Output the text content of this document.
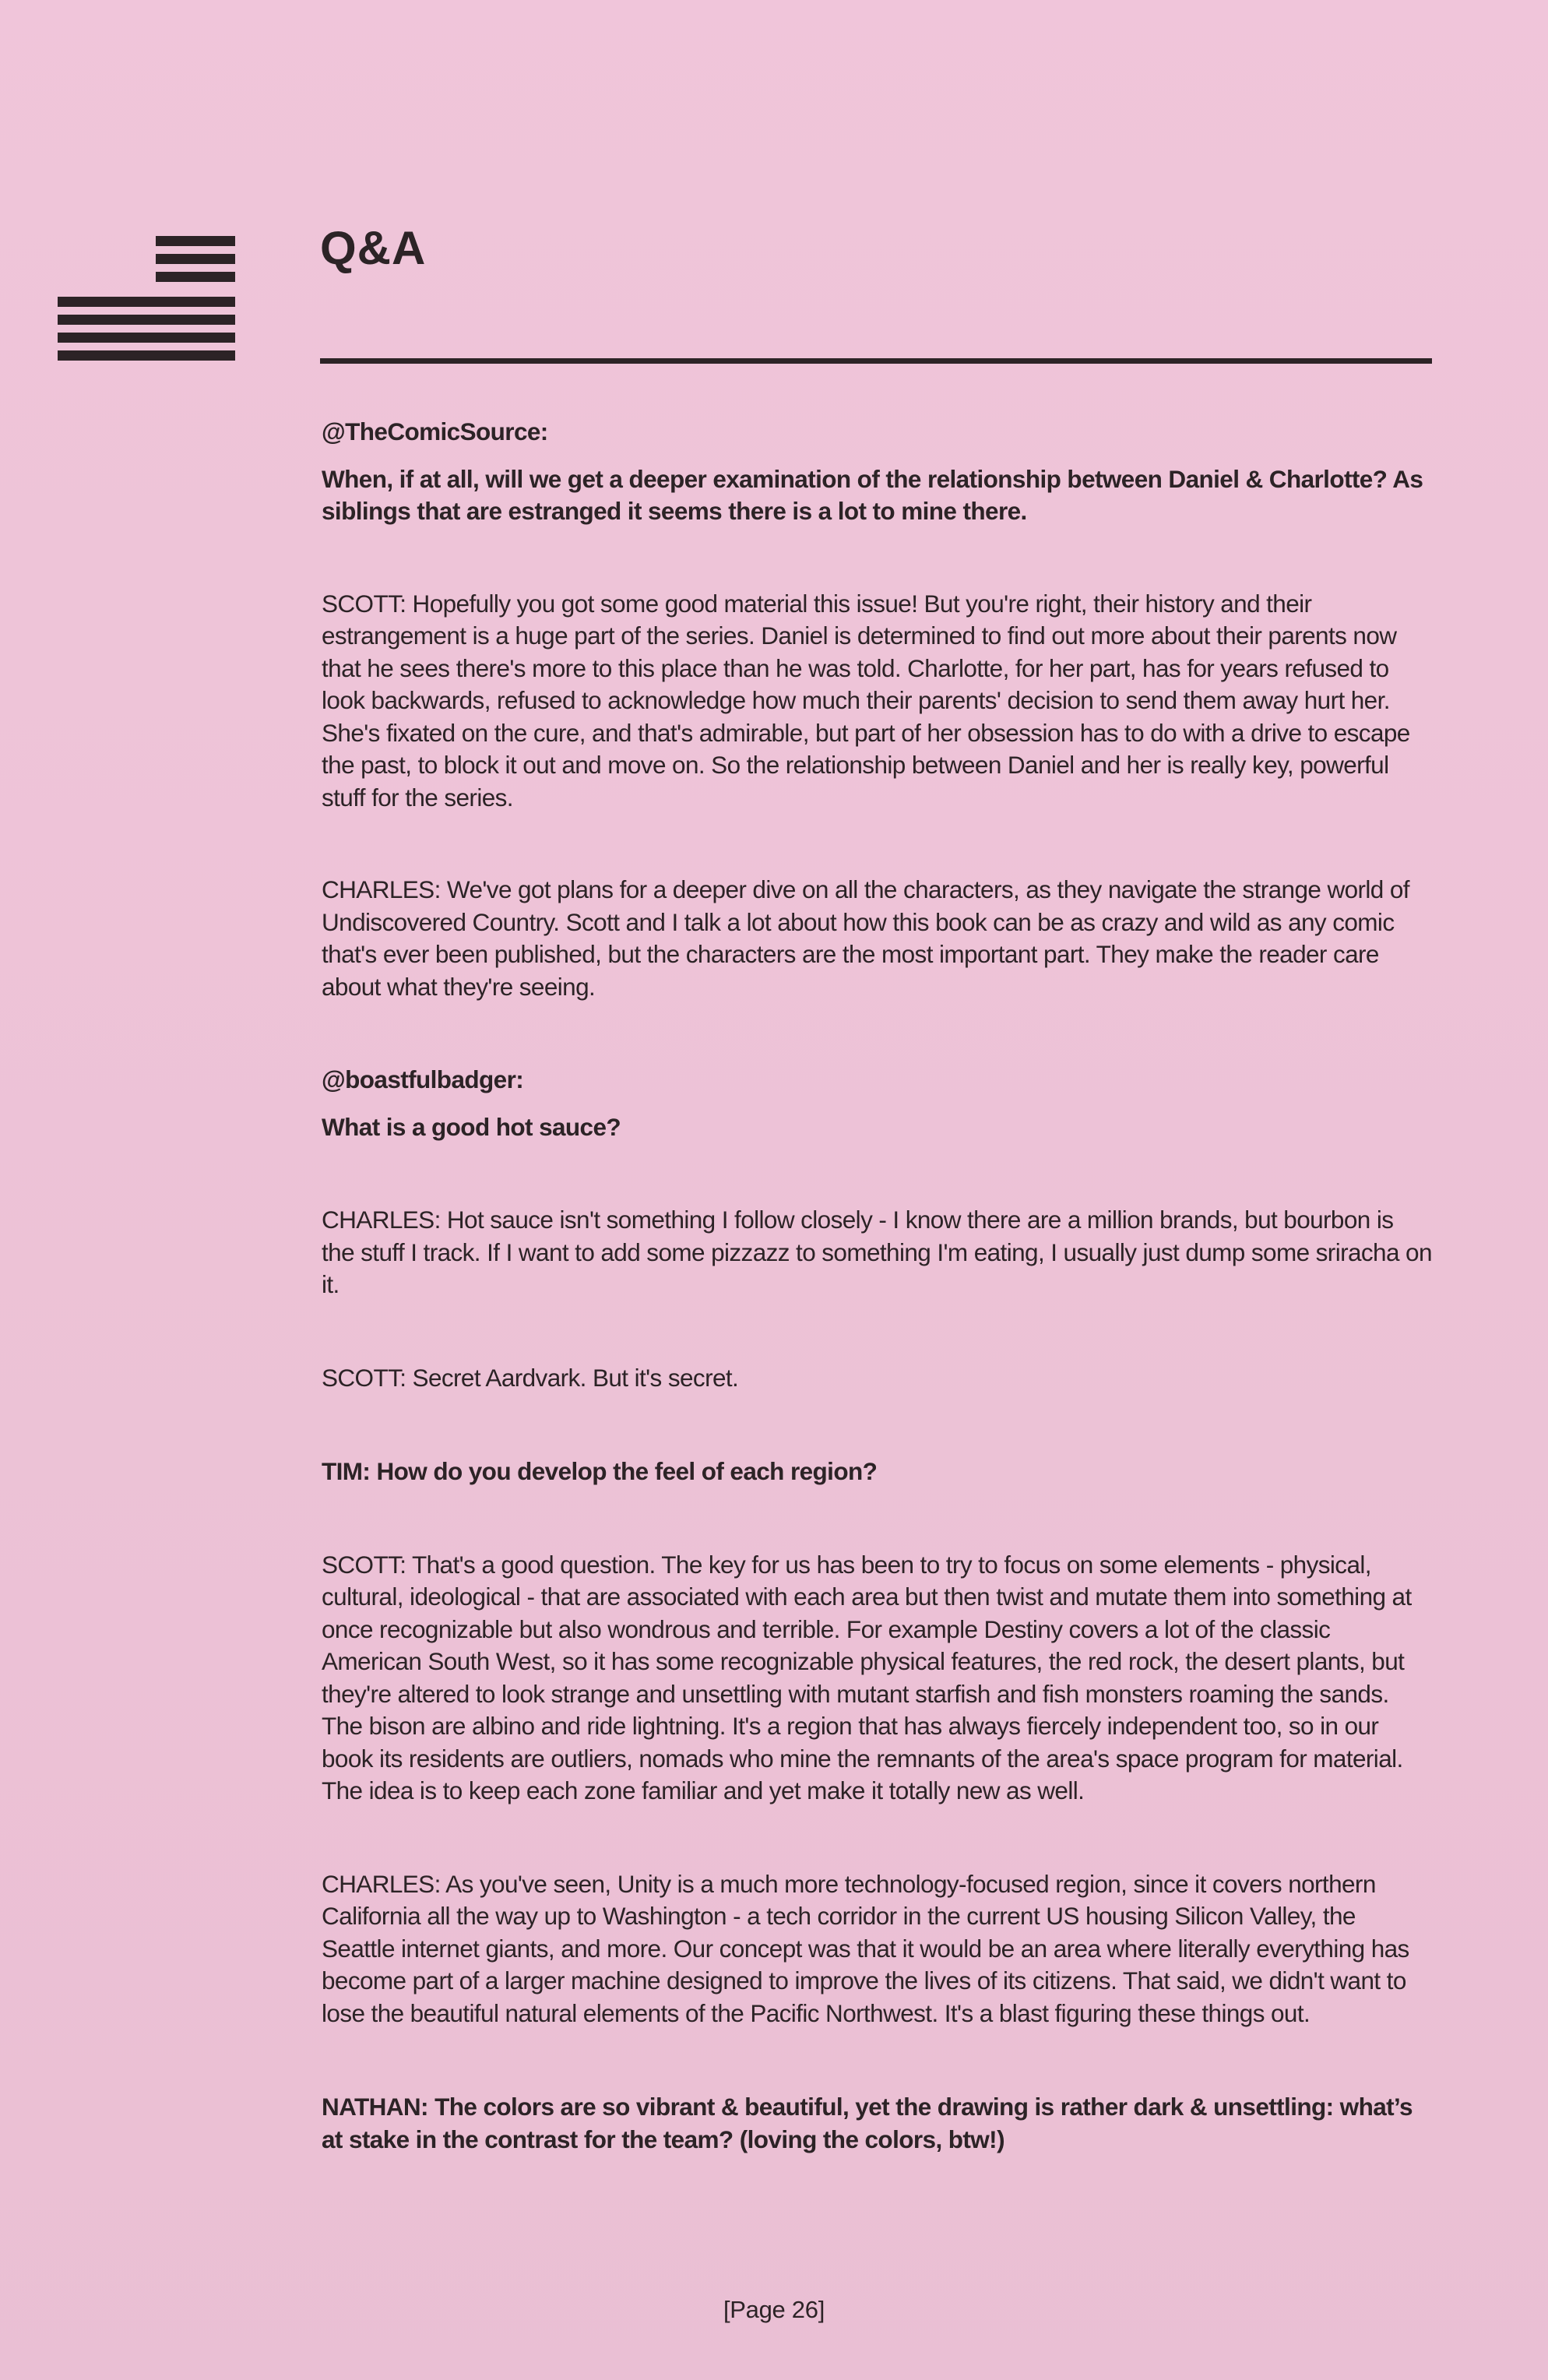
Q&A

@TheComicSource:

When, if at all, will we get a deeper examination of the relationship between Daniel & Charlotte? As siblings that are estranged it seems there is a lot to mine there.

SCOTT: Hopefully you got some good material this issue! But you're right, their history and their estrangement is a huge part of the series. Daniel is determined to find out more about their parents now that he sees there's more to this place than he was told. Charlotte, for her part, has for years refused to look backwards, refused to acknowledge how much their parents' decision to send them away hurt her. She's fixated on the cure, and that's admirable, but part of her obsession has to do with a drive to escape the past, to block it out and move on. So the relationship between Daniel and her is really key, powerful stuff for the series.

CHARLES: We've got plans for a deeper dive on all the characters, as they navigate the strange world of Undiscovered Country. Scott and I talk a lot about how this book can be as crazy and wild as any comic that's ever been published, but the characters are the most important part. They make the reader care about what they're seeing.

@boastfulbadger:

What is a good hot sauce?

CHARLES: Hot sauce isn't something I follow closely - I know there are a million brands, but bourbon is the stuff I track. If I want to add some pizzazz to something I'm eating, I usually just dump some sriracha on it.

SCOTT: Secret Aardvark. But it's secret.

TIM: How do you develop the feel of each region?

SCOTT: That's a good question. The key for us has been to try to focus on some elements - physical, cultural, ideological - that are associated with each area but then twist and mutate them into something at once recognizable but also wondrous and terrible. For example Destiny covers a lot of the classic American South West, so it has some recognizable physical features, the red rock, the desert plants, but they're altered to look strange and unsettling with mutant starfish and fish monsters roaming the sands. The bison are albino and ride lightning. It's a region that has always fiercely independent too, so in our book its residents are outliers, nomads who mine the remnants of the area's space program for material. The idea is to keep each zone familiar and yet make it totally new as well.

CHARLES: As you've seen, Unity is a much more technology-focused region, since it covers northern California all the way up to Washington - a tech corridor in the current US housing Silicon Valley, the Seattle internet giants, and more. Our concept was that it would be an area where literally everything has become part of a larger machine designed to improve the lives of its citizens. That said, we didn't want to lose the beautiful natural elements of the Pacific Northwest. It's a blast figuring these things out.

NATHAN: The colors are so vibrant & beautiful, yet the drawing is rather dark & unsettling: what’s at stake in the contrast for the team? (loving the colors, btw!)

[Page 26]
